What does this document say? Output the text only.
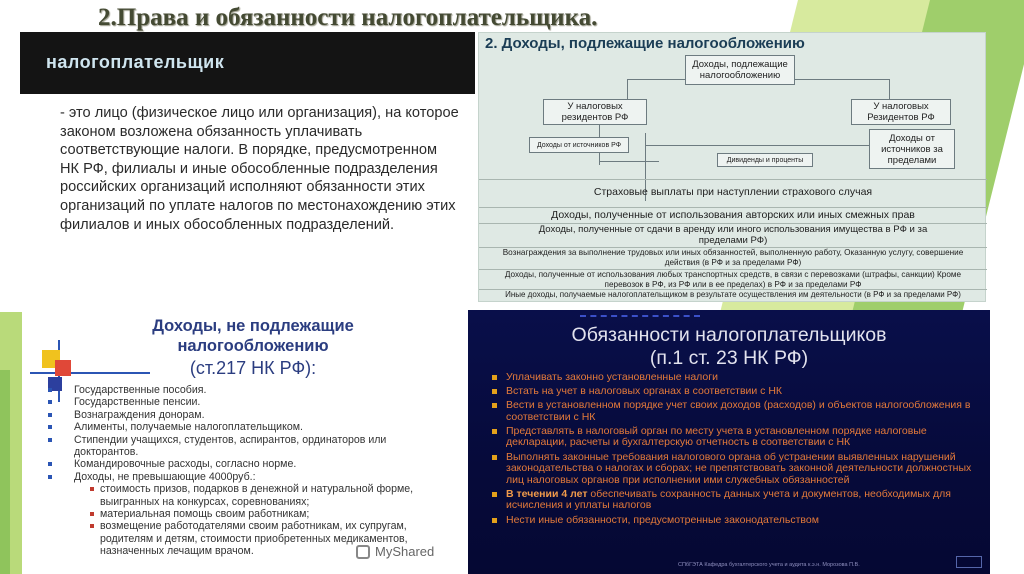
2.Права и обязанности налогоплательщика.
налогоплательщик
- это лицо (физическое лицо или организация), на которое законом возложена обязанность уплачивать соответствующие налоги. В порядке, предусмотренном НК РФ, филиалы и иные обособленные подразделения российских организаций исполняют обязанности этих организаций по уплате налогов по местонахождению этих филиалов и иных обособленных подразделений.
Доходы, не подлежащие
налогообложению
(ст.217 НК РФ):
Государственные пособия.
Государственные пенсии.
Вознаграждения донорам.
Алименты, получаемые налогоплательщиком.
Стипендии учащихся, студентов, аспирантов, ординаторов или докторантов.
Командировочные расходы, согласно норме.
Доходы, не превышающие 4000руб.:
стоимость призов, подарков в денежной и натуральной форме, выигранных на конкурсах, соревнованиях;
материальная помощь своим работникам;
возмещение работодателями своим работникам, их супругам, родителям и детям, стоимости приобретенных медикаментов, назначенных лечащим врачом.	MyShared
2. Доходы, подлежащие налогообложению
Доходы, подлежащие налогообложению
У налоговых резидентов РФ
У налоговых Резидентов РФ
Доходы от источников РФ
Доходы от источников за пределами
Дивиденды и проценты
Страховые выплаты при наступлении страхового случая
Доходы, полученные от использования авторских или иных смежных прав
Доходы, полученные от сдачи в аренду или иного использования имущества в РФ и за пределами РФ)
Вознаграждения за выполнение трудовых или иных обязанностей, выполненную работу, Оказанную услугу, совершение действия (в РФ и за пределами РФ)
Доходы, полученные от использования любых транспортных средств, в связи с перевозками (штрафы, санкции) Кроме перевозок в РФ, из РФ или в ее пределах) в РФ и за пределами РФ
Иные доходы, получаемые налогоплательщиком в результате осуществления им деятельности (в РФ и за пределами РФ)
Обязанности налогоплательщиков
(п.1 ст. 23 НК РФ)
Уплачивать законно установленные налоги
Встать на учет в налоговых органах в соответствии с НК
Вести в установленном порядке учет своих доходов (расходов) и объектов налогообложения в соответствии с НК
Представлять в налоговый орган по месту учета в установленном порядке налоговые декларации, расчеты и бухгалтерскую отчетность в соответствии с НК
Выполнять законные требования налогового органа об устранении выявленных нарушений законодательства о налогах и сборах; не препятствовать законной деятельности должностных лиц налоговых органов при исполнении ими служебных обязанностей
В течении 4 лет обеспечивать сохранность данных учета и документов, необходимых для исчисления и уплаты налогов
Нести иные обязанности, предусмотренные законодательством
СПбГЭТА Кафедра бухгалтерского учета и аудита к.э.н. Морозова П.В.
